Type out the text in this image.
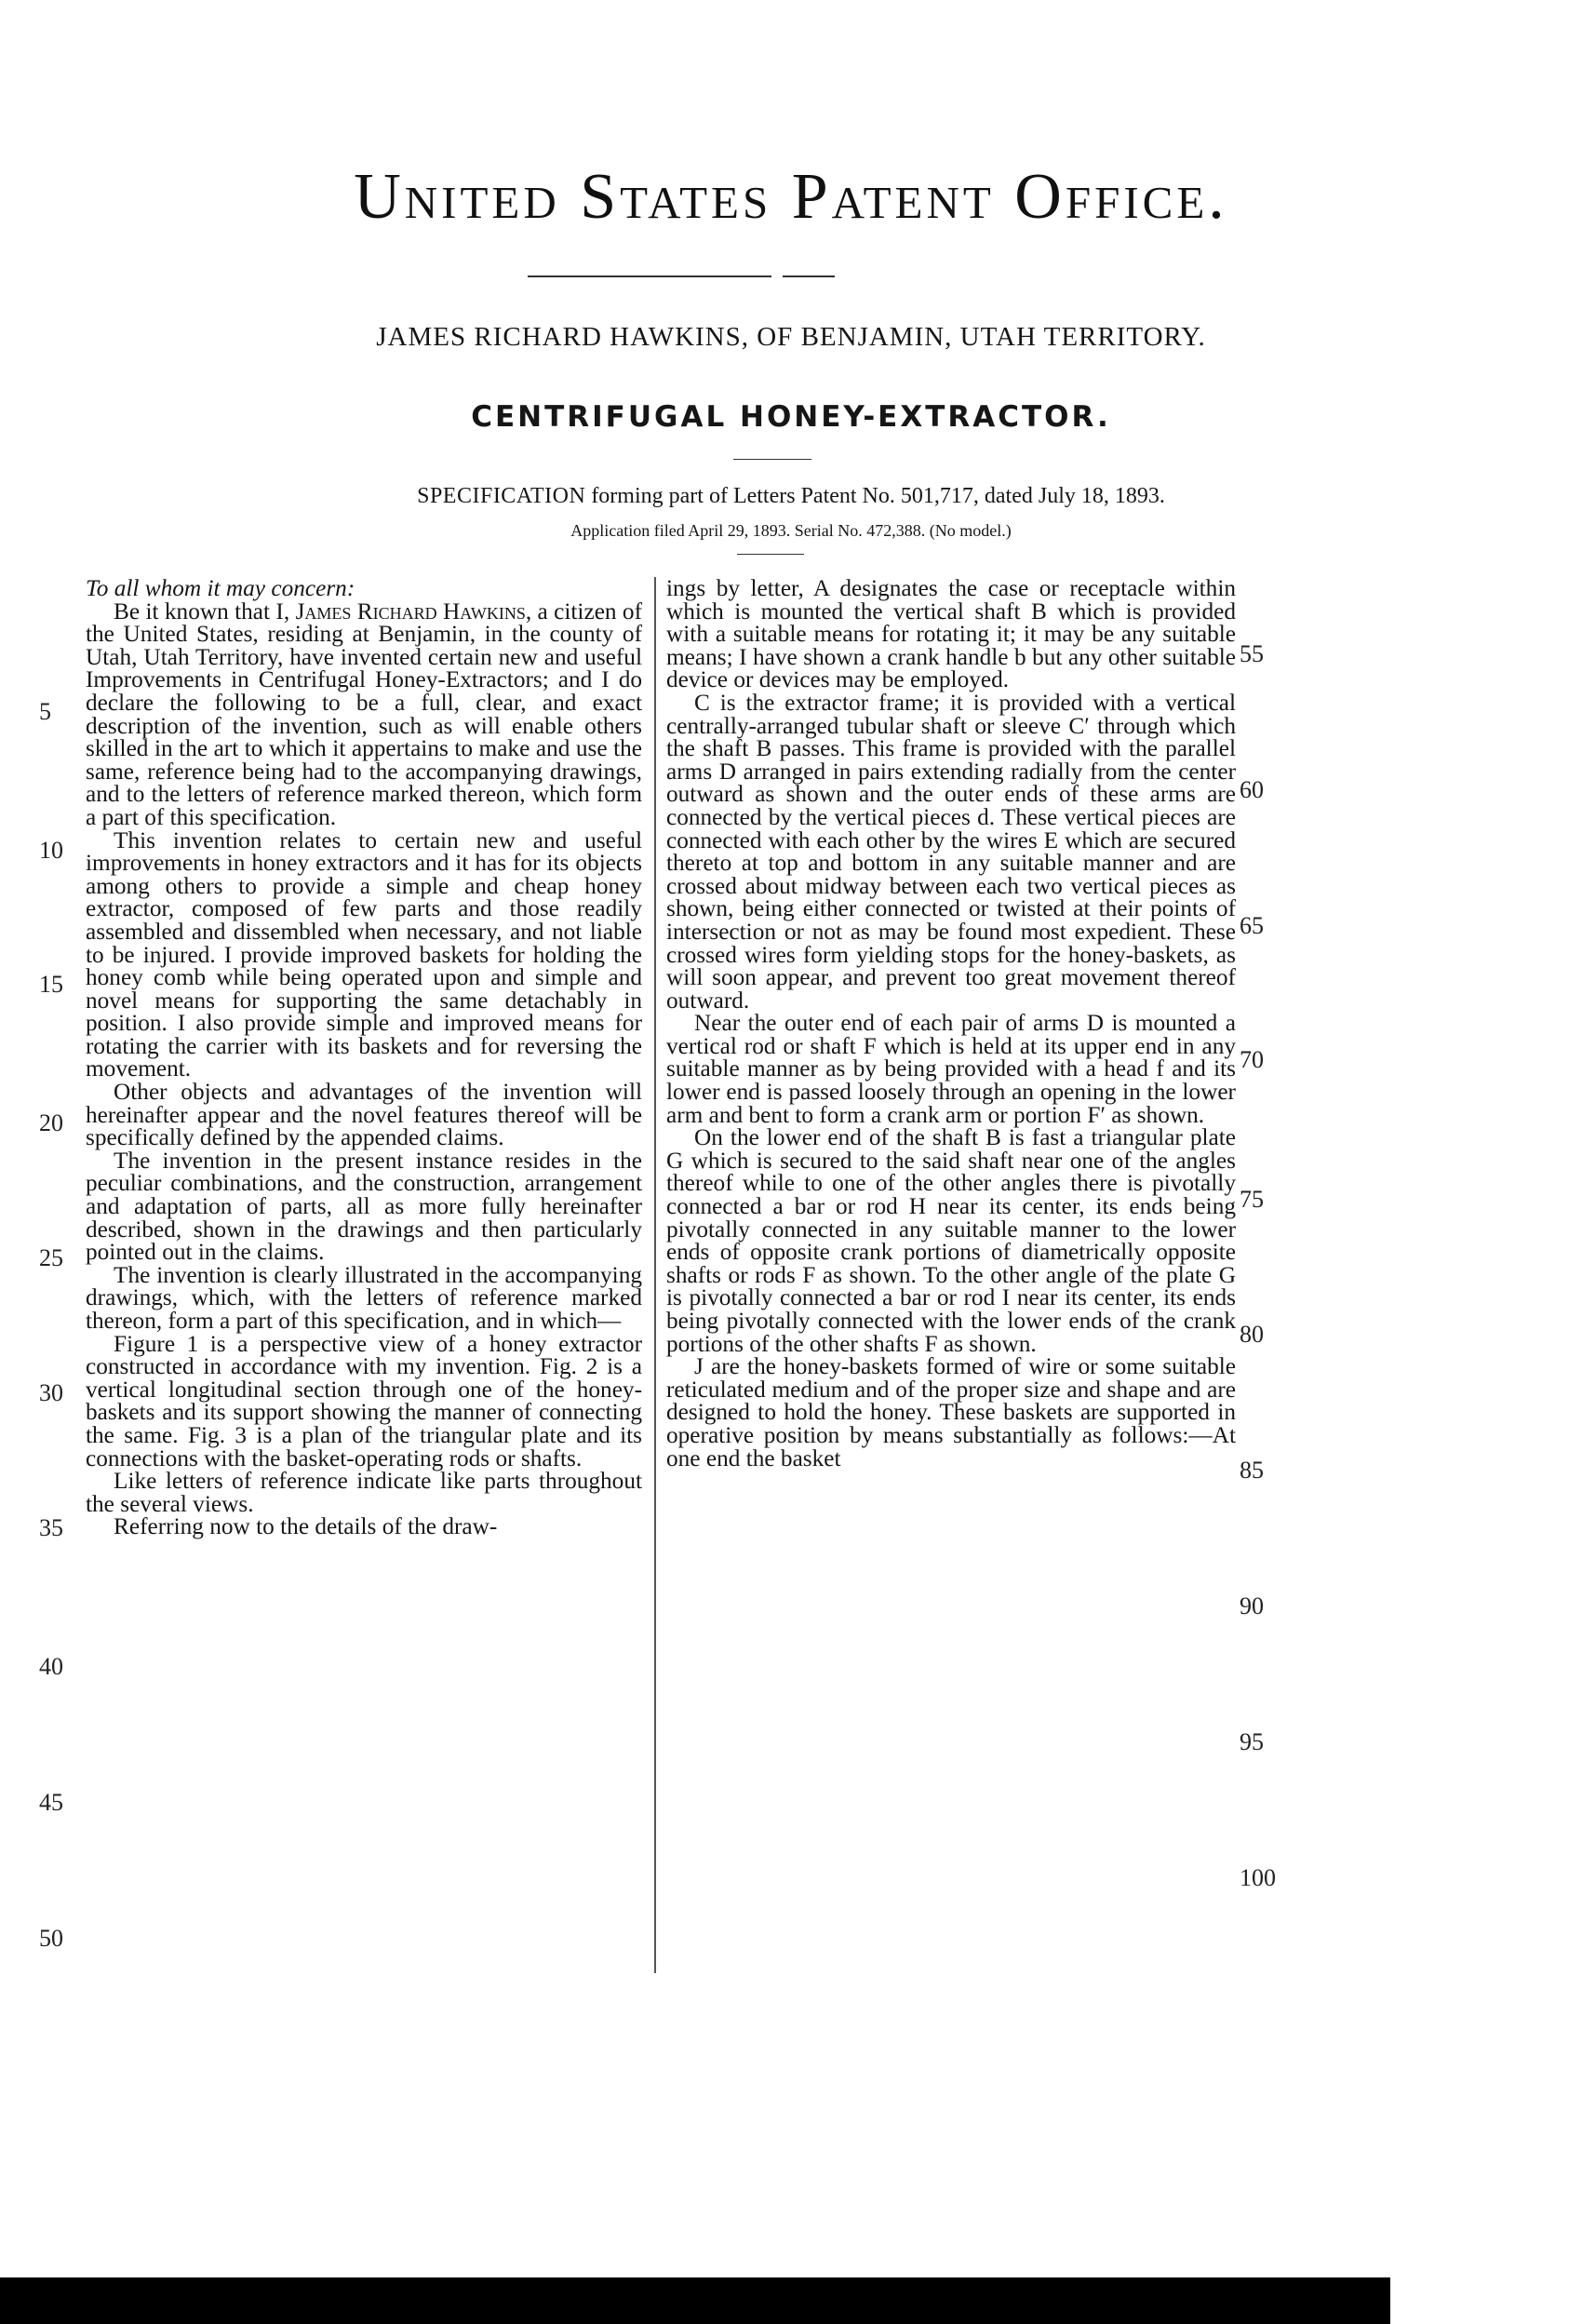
United States Patent Office.

JAMES RICHARD HAWKINS, OF BENJAMIN, UTAH TERRITORY.

CENTRIFUGAL HONEY-EXTRACTOR.

SPECIFICATION forming part of Letters Patent No. 501,717, dated July 18, 1893.

Application filed April 29, 1893. Serial No. 472,388. (No model.)

To all whom it may concern:

Be it known that I, James Richard Hawkins, a citizen of the United States, residing at Benjamin, in the county of Utah, Utah Territory, have invented certain new and useful Improvements in Centrifugal Honey-Extractors; and I do declare the following to be a full, clear, and exact description of the invention, such as will enable others skilled in the art to which it appertains to make and use the same, reference being had to the accompanying drawings, and to the letters of reference marked thereon, which form a part of this specification.

This invention relates to certain new and useful improvements in honey extractors and it has for its objects among others to provide a simple and cheap honey extractor, composed of few parts and those readily assembled and dissembled when necessary, and not liable to be injured. I provide improved baskets for holding the honey comb while being operated upon and simple and novel means for supporting the same detachably in position. I also provide simple and improved means for rotating the carrier with its baskets and for reversing the movement.

Other objects and advantages of the invention will hereinafter appear and the novel features thereof will be specifically defined by the appended claims.

The invention in the present instance resides in the peculiar combinations, and the construction, arrangement and adaptation of parts, all as more fully hereinafter described, shown in the drawings and then particularly pointed out in the claims.

The invention is clearly illustrated in the accompanying drawings, which, with the letters of reference marked thereon, form a part of this specification, and in which—

Figure 1 is a perspective view of a honey extractor constructed in accordance with my invention. Fig. 2 is a vertical longitudinal section through one of the honey-baskets and its support showing the manner of connecting the same. Fig. 3 is a plan of the triangular plate and its connections with the basket-operating rods or shafts.

Like letters of reference indicate like parts throughout the several views.

Referring now to the details of the draw-

ings by letter, A designates the case or receptacle within which is mounted the vertical shaft B which is provided with a suitable means for rotating it; it may be any suitable means; I have shown a crank handle b but any other suitable device or devices may be employed.

C is the extractor frame; it is provided with a vertical centrally-arranged tubular shaft or sleeve C′ through which the shaft B passes. This frame is provided with the parallel arms D arranged in pairs extending radially from the center outward as shown and the outer ends of these arms are connected by the vertical pieces d. These vertical pieces are connected with each other by the wires E which are secured thereto at top and bottom in any suitable manner and are crossed about midway between each two vertical pieces as shown, being either connected or twisted at their points of intersection or not as may be found most expedient. These crossed wires form yielding stops for the honey-baskets, as will soon appear, and prevent too great movement thereof outward.

Near the outer end of each pair of arms D is mounted a vertical rod or shaft F which is held at its upper end in any suitable manner as by being provided with a head f and its lower end is passed loosely through an opening in the lower arm and bent to form a crank arm or portion F′ as shown.

On the lower end of the shaft B is fast a triangular plate G which is secured to the said shaft near one of the angles thereof while to one of the other angles there is pivotally connected a bar or rod H near its center, its ends being pivotally connected in any suitable manner to the lower ends of opposite crank portions of diametrically opposite shafts or rods F as shown. To the other angle of the plate G is pivotally connected a bar or rod I near its center, its ends being pivotally connected with the lower ends of the crank portions of the other shafts F as shown.

J are the honey-baskets formed of wire or some suitable reticulated medium and of the proper size and shape and are designed to hold the honey. These baskets are supported in operative position by means substantially as follows:—At one end the basket

5
10
15
20
25
30
35
40
45
50
55
60
65
70
75
80
85
90
95
100
